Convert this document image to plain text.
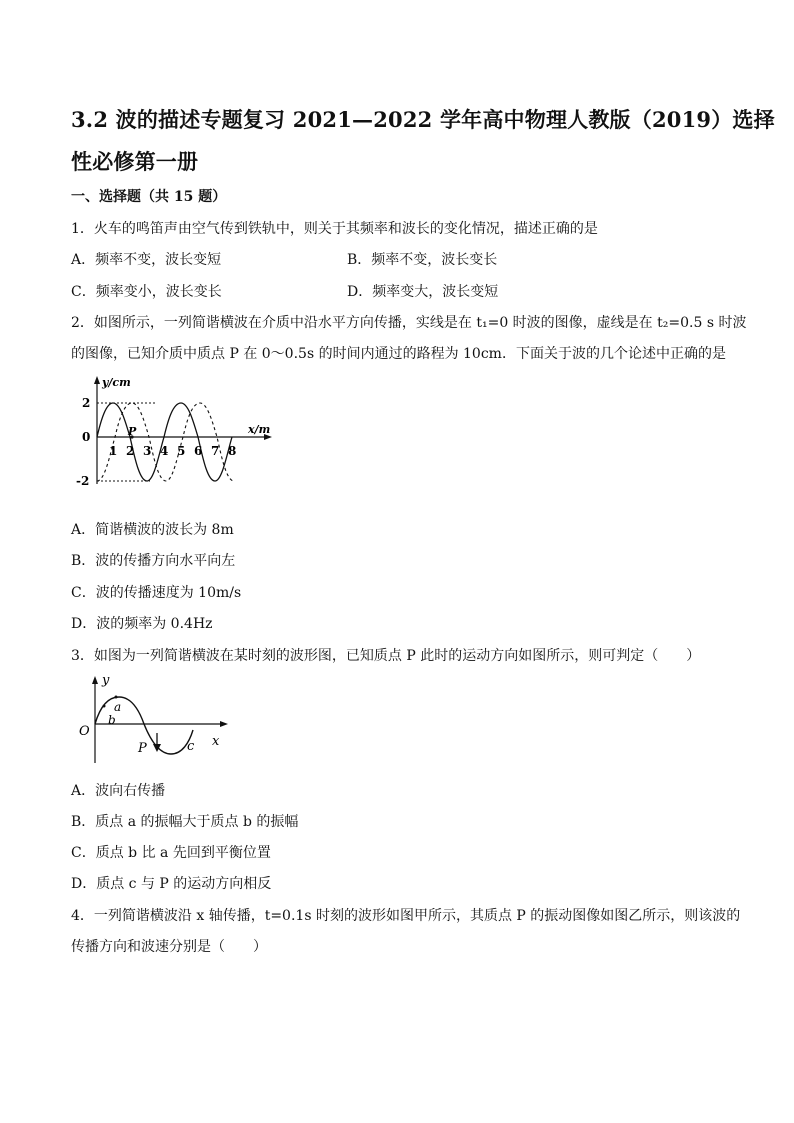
3.2 波的描述专题复习 2021—2022 学年高中物理人教版（2019）选择
性必修第一册
一、选择题（共 15 题）
1．火车的鸣笛声由空气传到铁轨中，则关于其频率和波长的变化情况，描述正确的是
A．频率不变，波长变短	B．频率不变，波长变长
C．频率变小，波长变长	D．频率变大，波长变短
2．如图所示，一列简谐横波在介质中沿水平方向传播，实线是在 t₁=0 时波的图像，虚线是在 t₂=0.5 s 时波
的图像，已知介质中质点 P 在 0～0.5s 的时间内通过的路程为 10cm．下面关于波的几个论述中正确的是
y/cm
x/m
2
0
-2
1 2 3 4 5 6 7 8
P
A．简谐横波的波长为 8m
B．波的传播方向水平向左
C．波的传播速度为 10m/s
D．波的频率为 0.4Hz
3．如图为一列简谐横波在某时刻的波形图，已知质点 P 此时的运动方向如图所示，则可判定（　　）
y
x
O
a
b
P	c
A．波向右传播
B．质点 a 的振幅大于质点 b 的振幅
C．质点 b 比 a 先回到平衡位置
D．质点 c 与 P 的运动方向相反
4．一列简谐横波沿 x 轴传播，t=0.1s 时刻的波形如图甲所示，其质点 P 的振动图像如图乙所示，则该波的
传播方向和波速分别是（　　）
